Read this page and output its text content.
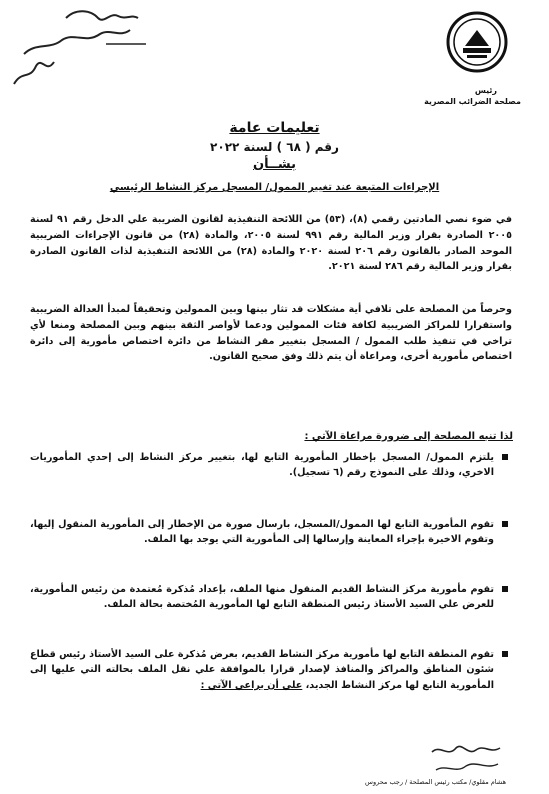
رئيس
مصلحة الضرائب المصرية
تعليمات عامة
رقم ( ٦٨ ) لسنة ٢٠٢٢
بشــأن
الإجراءات المتبعة عند تغيير الممول/ المسجل مركز النشاط الرئيسي
في ضوء نصي المادتين رقمي (٨)، (٥٣) من اللائحة التنفيذية لقانون الضريبة علي الدخل رقم ٩١ لسنة ٢٠٠٥ الصادرة بقرار وزير المالية رقم ٩٩١ لسنة ٢٠٠٥، والمادة (٢٨) من قانون الإجراءات الضريبية الموحد الصادر بالقانون رقم ٢٠٦ لسنة ٢٠٢٠ والمادة (٢٨) من اللائحة التنفيذية لذات القانون الصادرة بقرار وزير المالية رقم ٢٨٦ لسنة ٢٠٢١.
وحرصاً من المصلحة على تلافي أية مشكلات قد تثار بينها وبين الممولين وتحقيقاً لمبدأ العدالة الضريبية واستقرارا للمراكز الضريبية لكافة فئات الممولين ودعما لأواصر الثقة بينهم وبين المصلحة ومنعا لأي تراخي في تنفيذ طلب الممول / المسجل بتغيير مقر النشاط من دائرة اختصاص مأمورية إلى دائرة اختصاص مأمورية أخرى، ومراعاة أن يتم ذلك وفق صحيح القانون.
لذا تنبه المصلحة إلى ضرورة مراعاة الآتي :
يلتزم الممول/ المسجل بإخطار المأمورية التابع لها، بتغيير مركز النشاط إلى إحدي المأموريات الاخري، وذلك على النموذج رقم (٦ تسجيل).
تقوم المأمورية التابع لها الممول/المسجل، بارسال صورة من الإخطار إلى المأمورية المنقول إليها، وتقوم الاخيرة بإجراء المعاينة وإرسالها إلى المأمورية التي يوجد بها الملف.
تقوم مأمورية مركز النشاط القديم المنقول منها الملف، بإعداد مُذكرة مُعتمدة من رئيس المأمورية، للعرض علي السيد الأستاذ رئيس المنطقة التابع لها المأمورية المُختصة بحالة الملف.
تقوم المنطقة التابع لها مأمورية مركز النشاط القديم، بعرض مُذكرة على السيد الأستاذ رئيس قطاع شئون المناطق والمراكز والمنافذ لإصدار قرارا بالموافقة علي نقل الملف بحالته التي عليها إلى المأمورية التابع لها مركز النشاط الجديد، علي أن يراعي الآتي :
هشام مقلوي/ مكتب رئيس المصلحة / رجب محروس
